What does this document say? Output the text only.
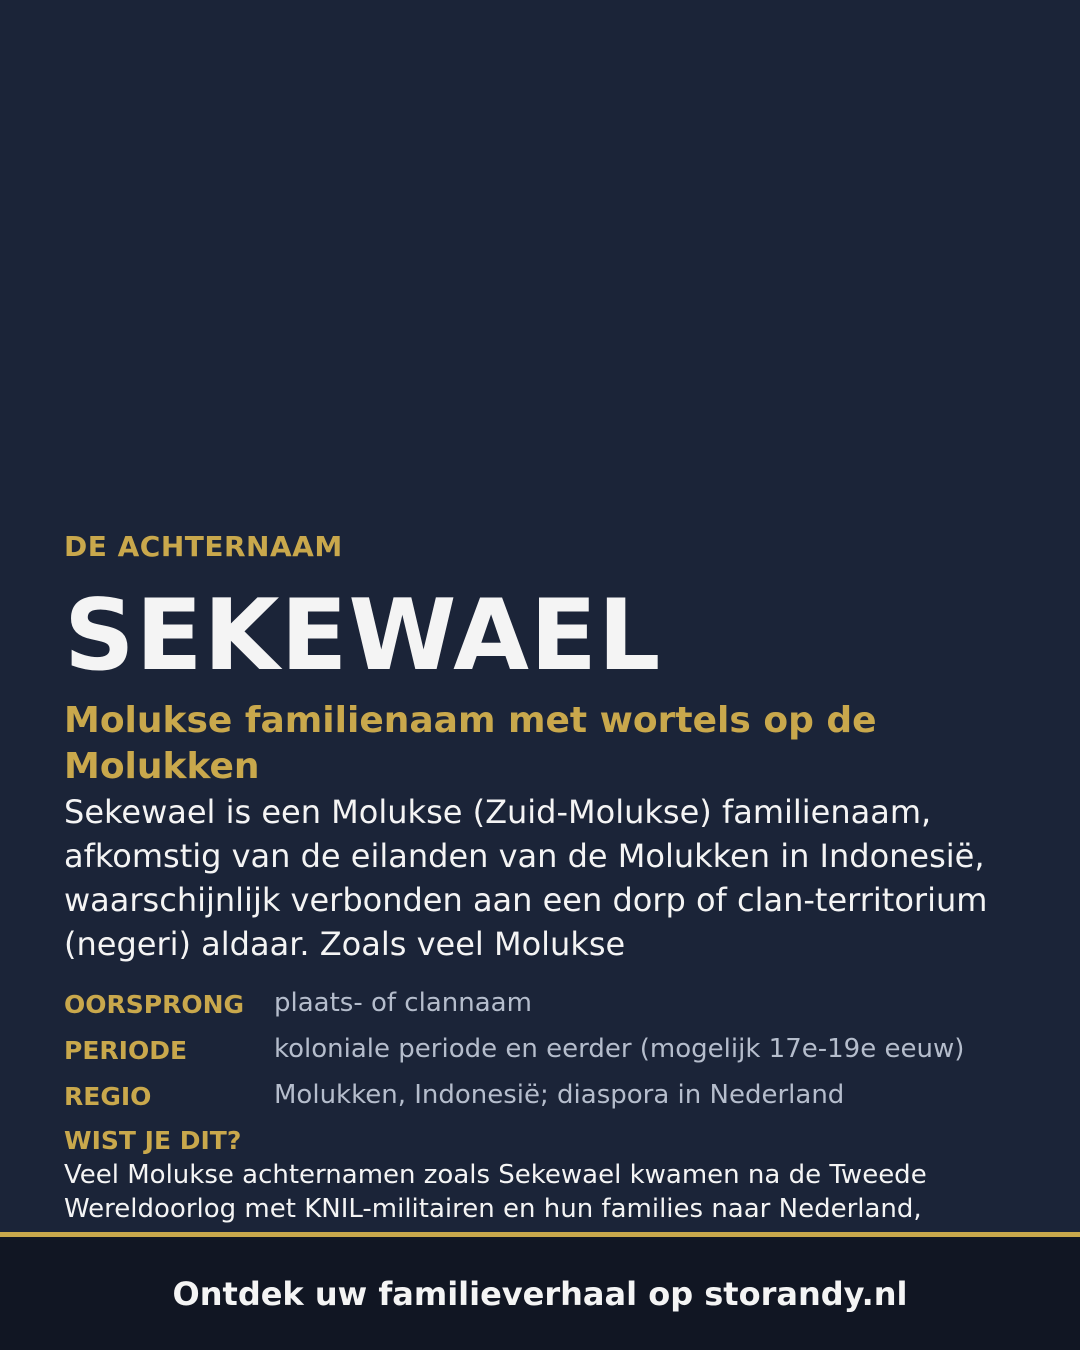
DE ACHTERNAAM
SEKEWAEL
Molukse familienaam met wortels op de Molukken
Sekewael is een Molukse (Zuid-Molukse) familienaam, afkomstig van de eilanden van de Molukken in Indonesië, waarschijnlijk verbonden aan een dorp of clan-territorium (negeri) aldaar. Zoals veel Molukse
OORSPRONG	plaats- of clannaam
PERIODE	koloniale periode en eerder (mogelijk 17e-19e eeuw)
REGIO	Molukken, Indonesië; diaspora in Nederland
WIST JE DIT?
Veel Molukse achternamen zoals Sekewael kwamen na de Tweede Wereldoorlog met KNIL-militairen en hun families naar Nederland,
Ontdek uw familieverhaal op storandy.nl
